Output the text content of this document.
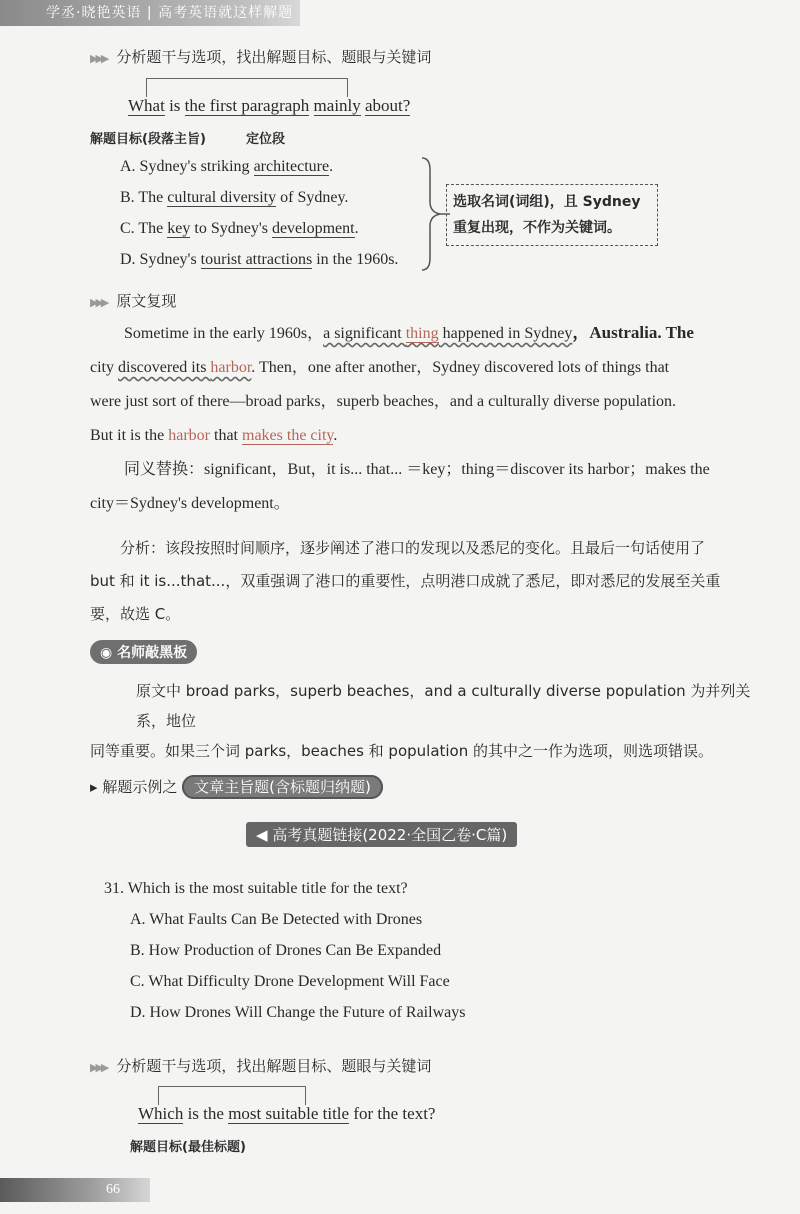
学丞·晓艳英语 | 高考英语就这样解题
▶▶▶ 分析题干与选项，找出解题目标、题眼与关键词
What is the first paragraph mainly about?
解题目标(段落主旨)	定位段
A. Sydney's striking architecture.
B. The cultural diversity of Sydney.
C. The key to Sydney's development.
D. Sydney's tourist attractions in the 1960s.
选取名词(词组)，且 Sydney
重复出现，不作为关键词。
▶▶▶ 原文复现
Sometime in the early 1960s，a significant thing happened in Sydney，Australia. The
city discovered its harbor. Then，one after another，Sydney discovered lots of things that
were just sort of there—broad parks，superb beaches，and a culturally diverse population.
But it is the harbor that makes the city.
同义替换：significant，But，it is... that... ＝key；thing＝discover its harbor；makes the
city＝Sydney's development。
分析：该段按照时间顺序，逐步阐述了港口的发现以及悉尼的变化。且最后一句话使用了
but 和 it is...that...，双重强调了港口的重要性，点明港口成就了悉尼，即对悉尼的发展至关重
要，故选 C。
◉ 名师敲黑板
原文中 broad parks，superb beaches，and a culturally diverse population 为并列关系，地位
同等重要。如果三个词 parks，beaches 和 population 的其中之一作为选项，则选项错误。
▸ 解题示例之 文章主旨题(含标题归纳题)
◀ 高考真题链接(2022·全国乙卷·C篇)
31. Which is the most suitable title for the text?
A. What Faults Can Be Detected with Drones
B. How Production of Drones Can Be Expanded
C. What Difficulty Drone Development Will Face
D. How Drones Will Change the Future of Railways
▶▶▶ 分析题干与选项，找出解题目标、题眼与关键词
Which is the most suitable title for the text?
解题目标(最佳标题)
66
